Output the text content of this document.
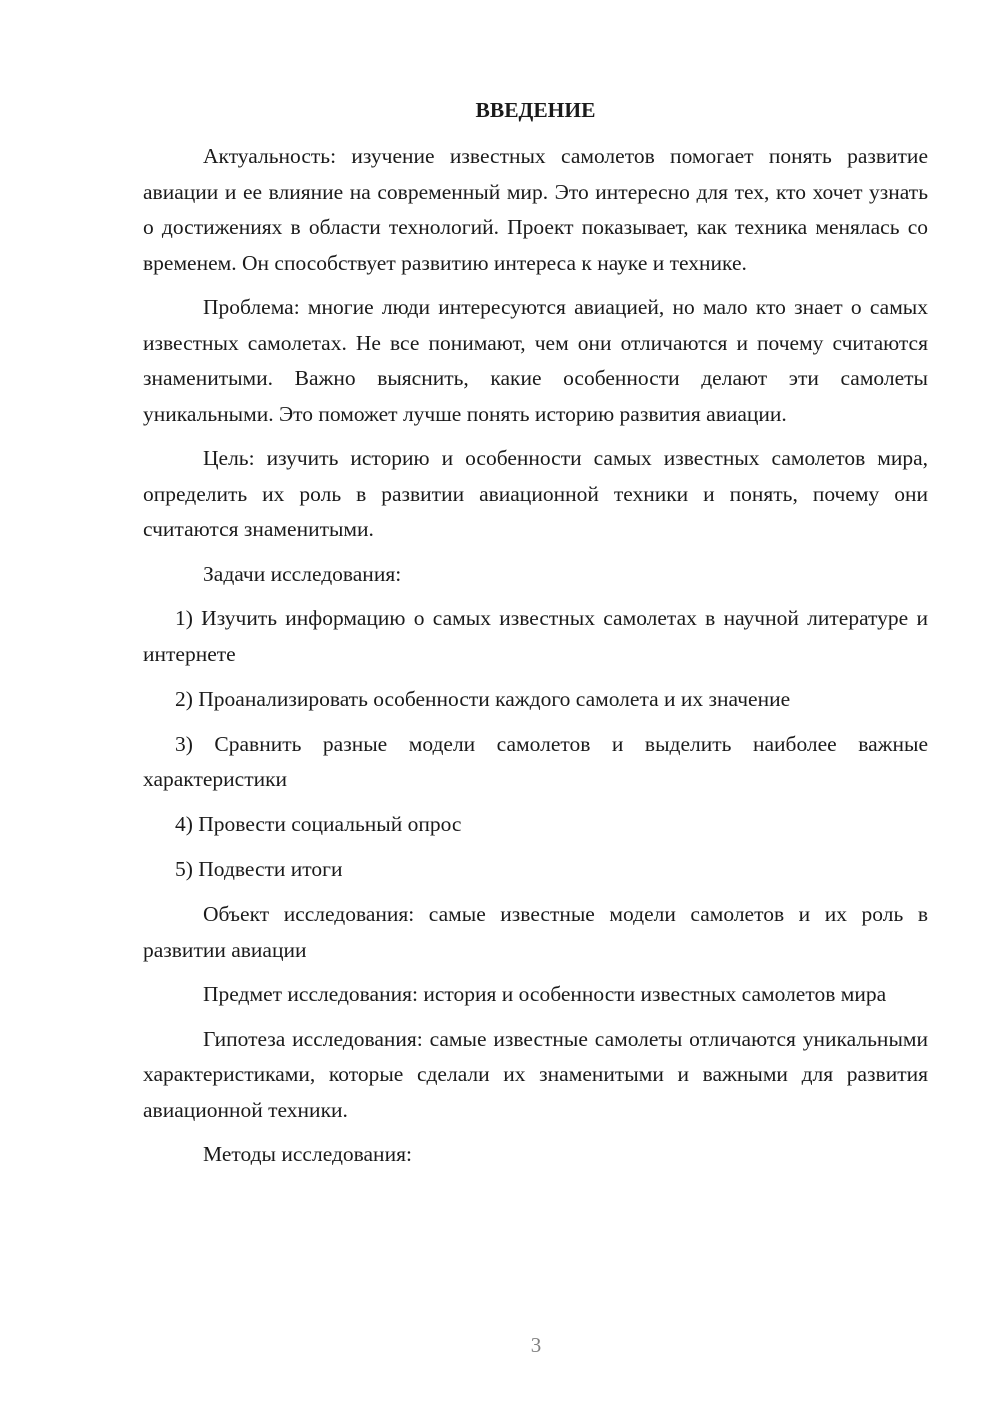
ВВЕДЕНИЕ

Актуальность: изучение известных самолетов помогает понять развитие авиации и ее влияние на современный мир. Это интересно для тех, кто хочет узнать о достижениях в области технологий. Проект показывает, как техника менялась со временем. Он способствует развитию интереса к науке и технике.

Проблема: многие люди интересуются авиацией, но мало кто знает о самых известных самолетах. Не все понимают, чем они отличаются и почему считаются знаменитыми. Важно выяснить, какие особенности делают эти самолеты уникальными. Это поможет лучше понять историю развития авиации.

Цель: изучить историю и особенности самых известных самолетов мира, определить их роль в развитии авиационной техники и понять, почему они считаются знаменитыми.

Задачи исследования:

1) Изучить информацию о самых известных самолетах в научной литературе и интернете

2) Проанализировать особенности каждого самолета и их значение

3) Сравнить разные модели самолетов и выделить наиболее важные характеристики

4) Провести социальный опрос

5) Подвести итоги

Объект исследования: самые известные модели самолетов и их роль в развитии авиации

Предмет исследования: история и особенности известных самолетов мира

Гипотеза исследования: самые известные самолеты отличаются уникальными характеристиками, которые сделали их знаменитыми и важными для развития авиационной техники.

Методы исследования:

3
